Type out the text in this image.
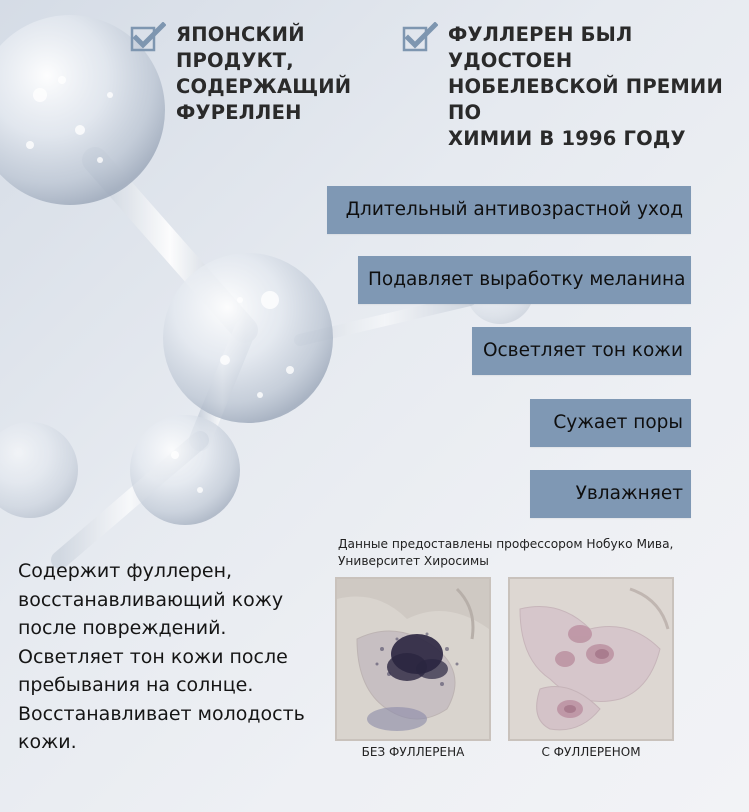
ЯПОНСКИЙ
ПРОДУКТ,
СОДЕРЖАЩИЙ
ФУРЕЛЛЕН
ФУЛЛЕРЕН БЫЛ УДОСТОЕН
НОБЕЛЕВСКОЙ ПРЕМИИ ПО
ХИМИИ В 1996 ГОДУ
Длительный антивозрастной уход
Подавляет выработку меланина
Осветляет тон кожи
Сужает поры
Увлажняет
Содержит фуллерен, восстанавливающий кожу после повреждений. Осветляет тон кожи после пребывания на солнце. Восстанавливает молодость кожи.
Данные предоставлены профессором Нобуко Мива, Университет Хиросимы
БЕЗ ФУЛЛЕРЕНА	С ФУЛЛЕРЕНОМ
